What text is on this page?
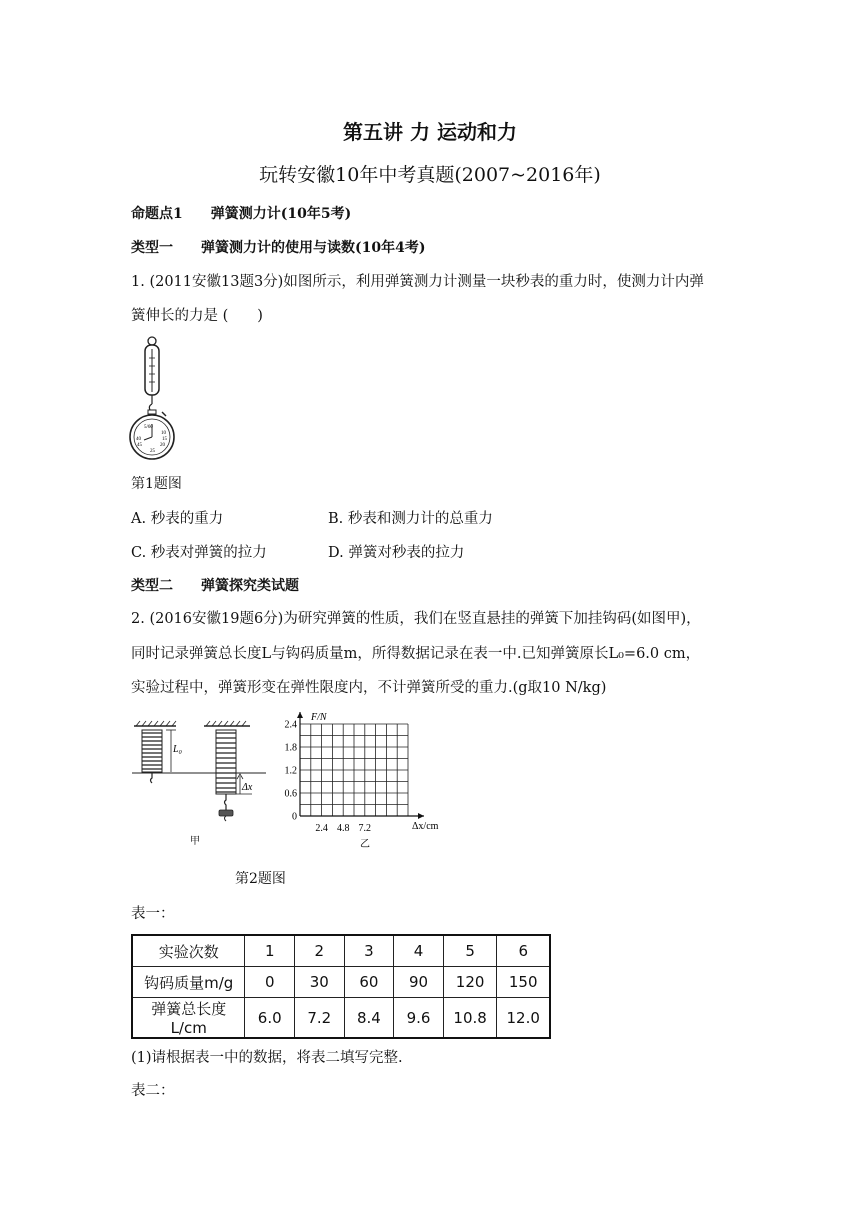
第五讲 力 运动和力
玩转安徽10年中考真题(2007~2016年)
命题点1　　弹簧测力计(10年5考)
类型一　　弹簧测力计的使用与读数(10年4考)
1. (2011安徽13题3分)如图所示，利用弹簧测力计测量一块秒表的重力时，使测力计内弹
簧伸长的力是 (　　)
5/60
10
15
20
25
40
45
第1题图
A. 秒表的重力	B. 秒表和测力计的总重力
C. 秒表对弹簧的拉力	D. 弹簧对秒表的拉力
类型二　　弹簧探究类试题
2. (2016安徽19题6分)为研究弹簧的性质，我们在竖直悬挂的弹簧下加挂钩码(如图甲)，
同时记录弹簧总长度L与钩码质量m，所得数据记录在表一中.已知弹簧原长L₀=6.0 cm，
实验过程中，弹簧形变在弹性限度内，不计弹簧所受的重力.(g取10 N/kg)
L₀
Δx
甲
0
0.6
1.2
1.8
2.4
2.4 4.8 7.2
F/N
Δx/cm
乙
第2题图
表一：
实验次数	1	2	3	4	5	6
钩码质量m/g	0	30	60	90	120	150
弹簧总长度L/cm	6.0	7.2	8.4	9.6	10.8	12.0
(1)请根据表一中的数据，将表二填写完整.
表二：
